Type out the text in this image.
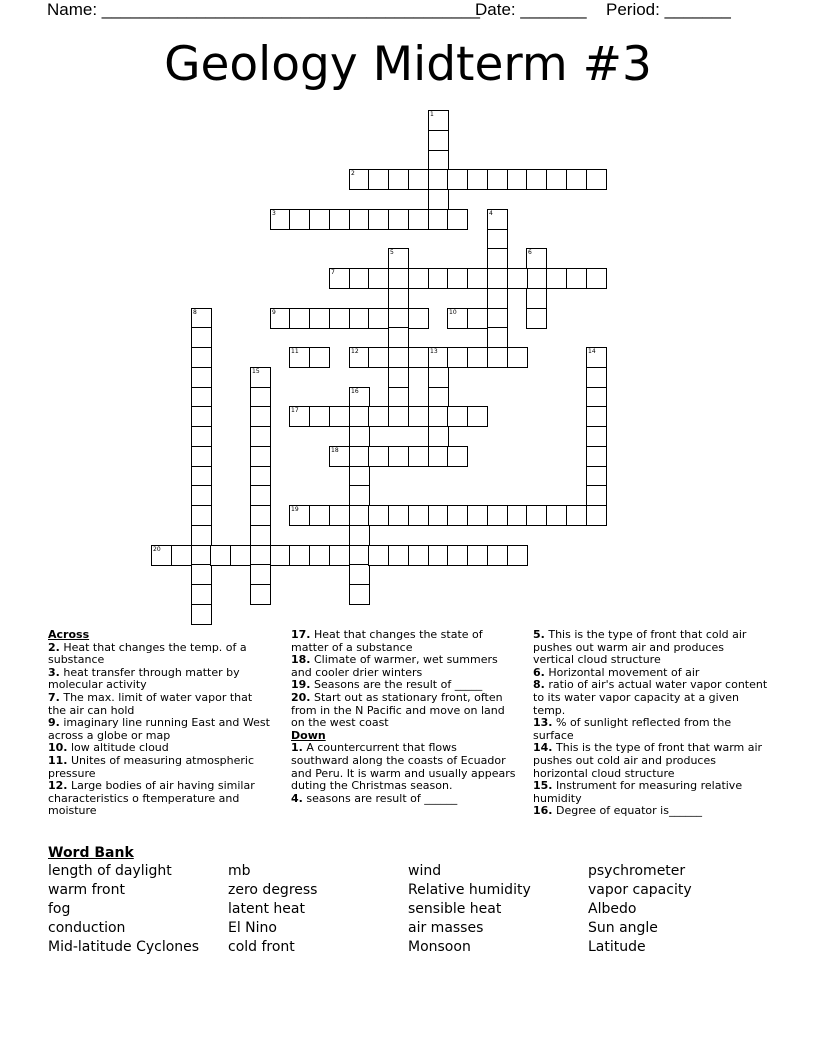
Name: ________________________________________
Date: _______ Period: _______
Geology Midterm #3
1
2
3	4
5	6
7
8	9	10
11	12	13	14
15
16
17
18
19
20
Across
2. Heat that changes the temp. of a substance
3. heat transfer through matter by molecular activity
7. The max. limit of water vapor that the air can hold
9. imaginary line running East and West across a globe or map
10. low altitude cloud
11. Unites of measuring atmospheric pressure
12. Large bodies of air having similar characteristics o ftemperature and moisture
17. Heat that changes the state of matter of a substance
18. Climate of warmer, wet summers and cooler drier winters
19. Seasons are the result of _____
20. Start out as stationary front, often from in the N Pacific and move on land on the west coast
Down
1. A countercurrent that flows southward along the coasts of Ecuador and Peru. It is warm and usually appears duting the Christmas season.
4. seasons are result of ______
5. This is the type of front that cold air pushes out warm air and produces vertical cloud structure
6. Horizontal movement of air
8. ratio of air's actual water vapor content to its water vapor capacity at a given temp.
13. % of sunlight reflected from the surface
14. This is the type of front that warm air pushes out cold air and produces horizontal cloud structure
15. Instrument for measuring relative humidity
16. Degree of equator is______
Word Bank
length of daylight
warm front
fog
conduction
Mid-latitude Cyclones
mb
zero degress
latent heat
El Nino
cold front
wind
Relative humidity
sensible heat
air masses
Monsoon
psychrometer
vapor capacity
Albedo
Sun angle
Latitude
